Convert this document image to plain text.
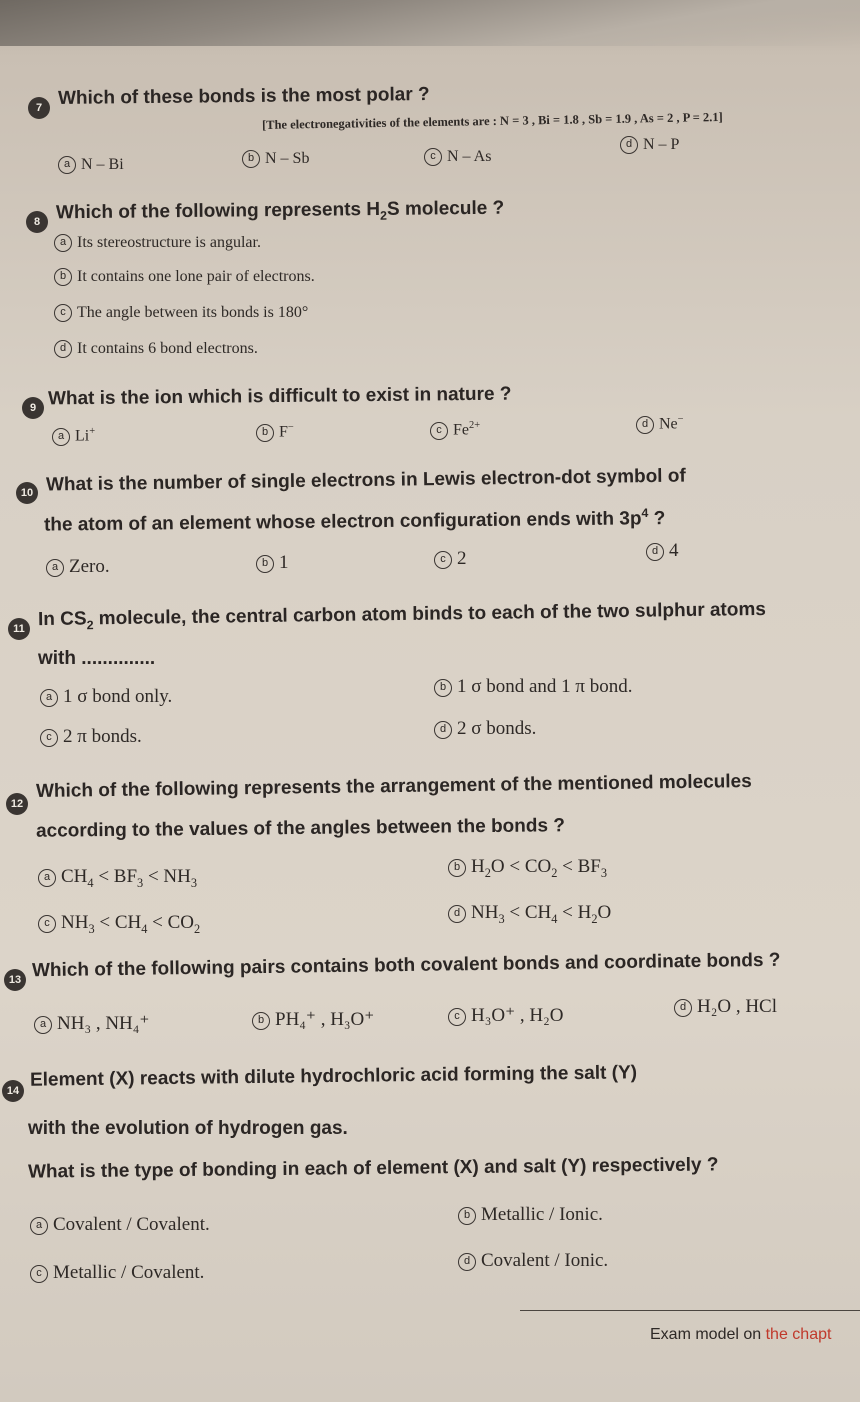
7 Which of these bonds is the most polar ?
[The electronegativities of the elements are : N = 3 , Bi = 1.8 , Sb = 1.9 , As = 2 , P = 2.1]
a N – Bi	b N – Sb	c N – As
d N – P
8 Which of the following represents $H_2S$ molecule ?
a Its stereostructure is angular.
b It contains one lone pair of electrons.
c The angle between its bonds is 180°
d It contains 6 bond electrons.
9 What is the ion which is difficult to exist in nature ?
a Li+	b F−	c $Fe^{2+}$	d Ne−
10 What is the number of single electrons in Lewis electron-dot symbol of
the atom of an element whose electron configuration ends with $3p^4$ ?
a Zero.	b 1	c 2	d 4
11 In $CS_2$ molecule, the central carbon atom binds to each of the two sulphur atoms
with ..............
a 1 σ bond only.	b 1 σ bond and 1 π bond.
c 2 π bonds.	d 2 σ bonds.
12
Which of the following represents the arrangement of the mentioned molecules
according to the values of the angles between the bonds ?
a $CH_4 < BF_3 < NH_3$
b $H_2O < CO_2 < BF_3$
c $NH_3 < CH_4 < CO_2$
d $NH_3 < CH_4 < H_2O$
13 Which of the following pairs contains both covalent bonds and coordinate bonds ?
a NH₃ , NH₄⁺	b PH₄⁺ , H₃O⁺	c H₃O⁺ , H₂O	d H₂O , HCl
14
Element (X) reacts with dilute hydrochloric acid forming the salt (Y)
with the evolution of hydrogen gas.
What is the type of bonding in each of element (X) and salt (Y) respectively ?
a Covalent / Covalent.	b Metallic / Ionic.
c Metallic / Covalent.
d Covalent / Ionic.
Exam model on the chapt
